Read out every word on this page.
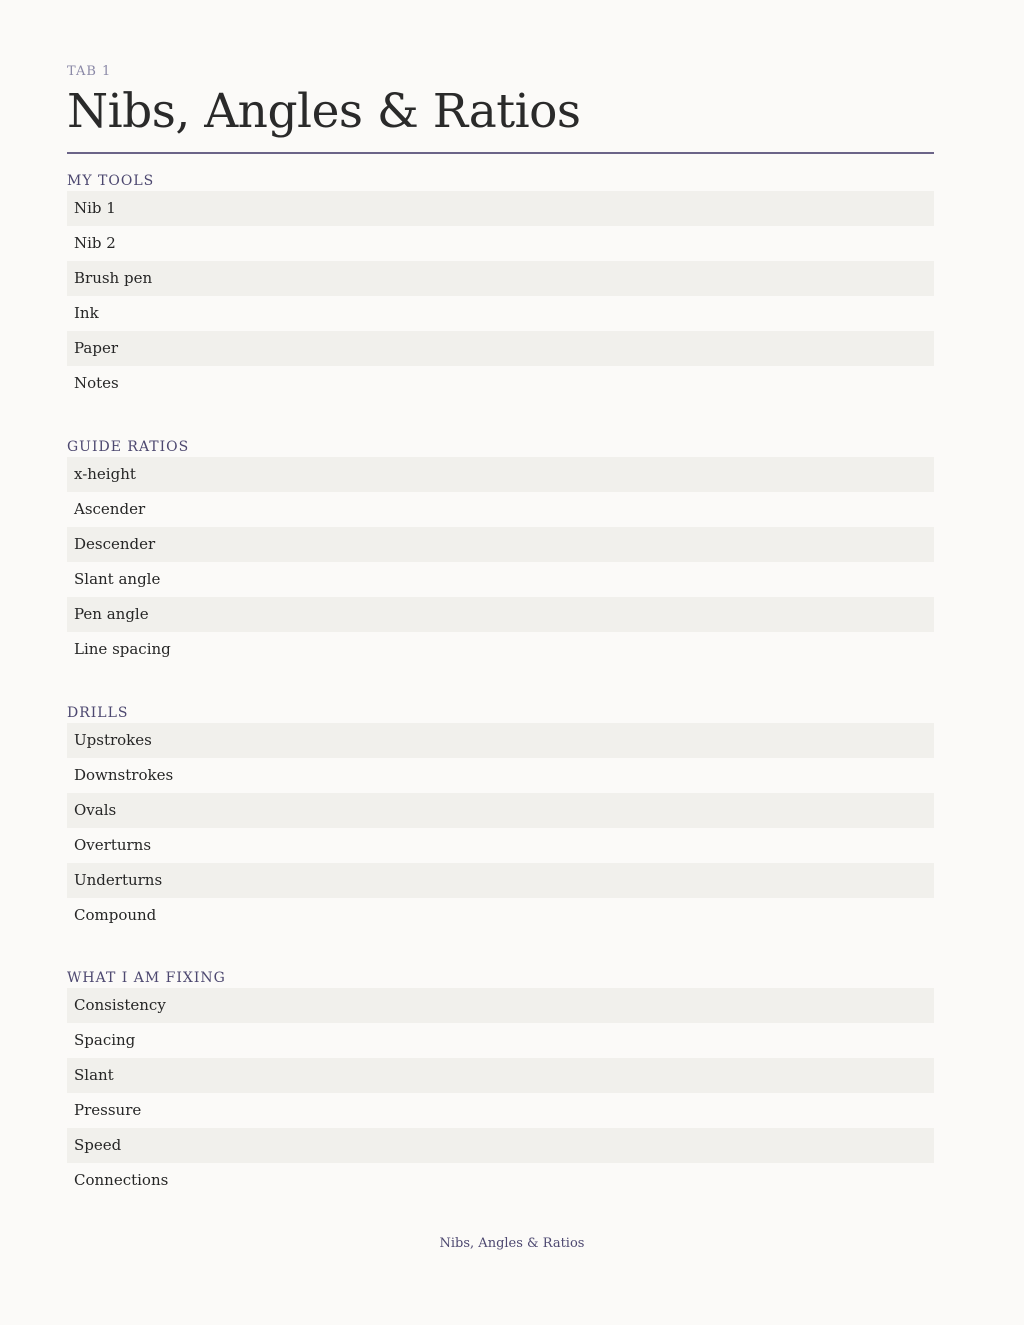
TAB 1
Nibs, Angles & Ratios
MY TOOLS
Nib 1
Nib 2
Brush pen
Ink
Paper
Notes
GUIDE RATIOS
x-height
Ascender
Descender
Slant angle
Pen angle
Line spacing
DRILLS
Upstrokes
Downstrokes
Ovals
Overturns
Underturns
Compound
WHAT I AM FIXING
Consistency
Spacing
Slant
Pressure
Speed
Connections
Nibs, Angles & Ratios
